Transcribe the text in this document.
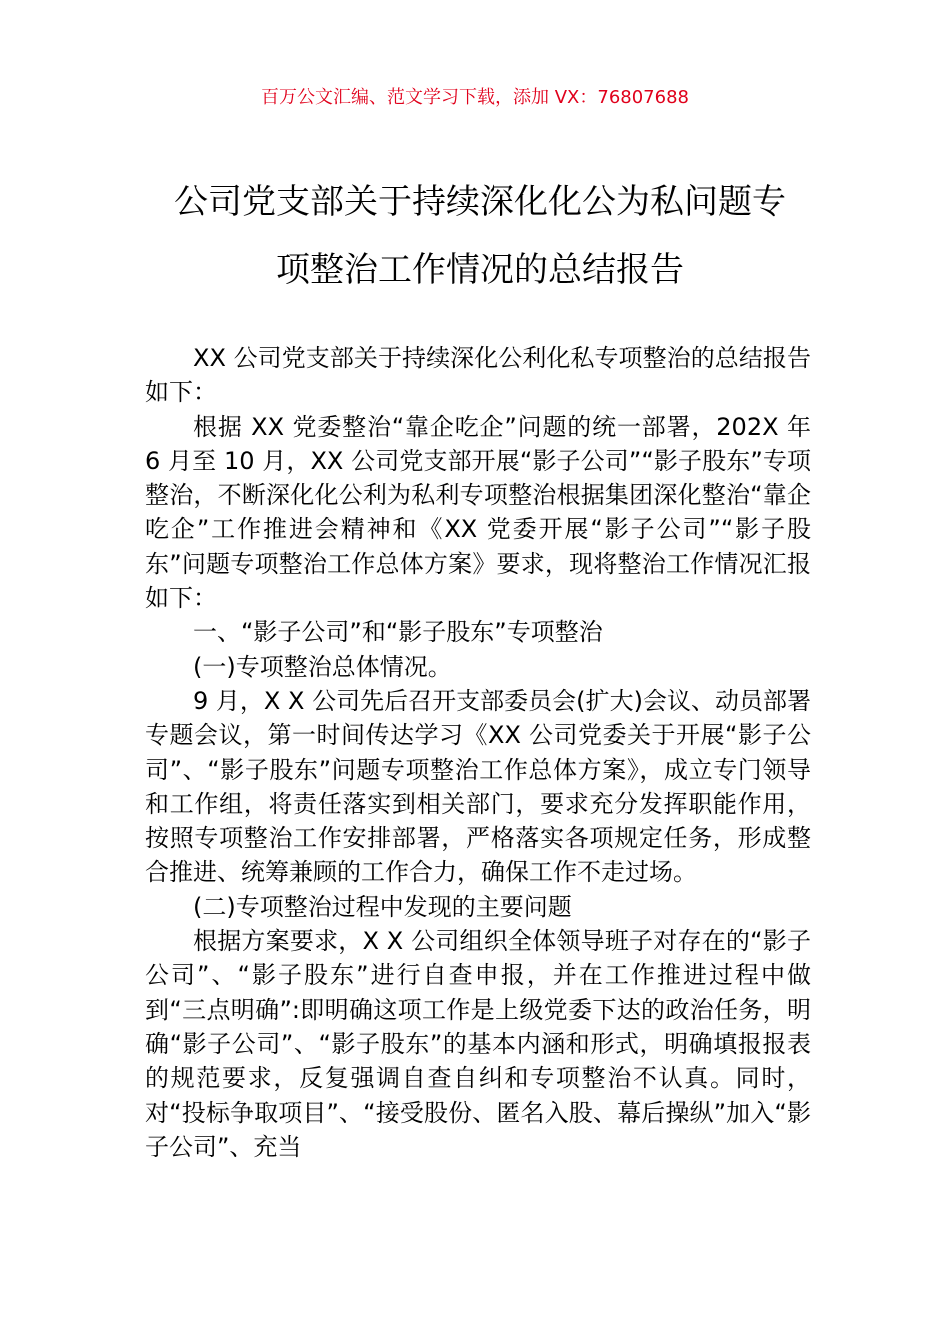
百万公文汇编、范文学习下载，添加 VX：76807688
公司党支部关于持续深化化公为私问题专
项整治工作情况的总结报告

XX 公司党支部关于持续深化公利化私专项整治的总结报告如下：

根据 XX 党委整治“靠企吃企”问题的统一部署，202X 年 6 月至 10 月，XX 公司党支部开展“影子公司”“影子股东”专项整治，不断深化化公利为私利专项整治根据集团深化整治“靠企吃企”工作推进会精神和《XX 党委开展“影子公司”“影子股东”问题专项整治工作总体方案》要求，现将整治工作情况汇报如下：

一、“影子公司”和“影子股东”专项整治

(一)专项整治总体情况。

9 月，X X 公司先后召开支部委员会(扩大)会议、动员部署专题会议，第一时间传达学习《XX 公司党委关于开展“影子公司”、“影子股东”问题专项整治工作总体方案》，成立专门领导和工作组，将责任落实到相关部门，要求充分发挥职能作用，按照专项整治工作安排部署，严格落实各项规定任务，形成整合推进、统筹兼顾的工作合力，确保工作不走过场。

(二)专项整治过程中发现的主要问题

根据方案要求，X X 公司组织全体领导班子对存在的“影子公司”、“影子股东”进行自查申报，并在工作推进过程中做到“三点明确”:即明确这项工作是上级党委下达的政治任务，明确“影子公司”、“影子股东”的基本内涵和形式，明确填报报表的规范要求，反复强调自查自纠和专项整治不认真。同时，对“投标争取项目”、“接受股份、匿名入股、幕后操纵”加入“影子公司”、充当
